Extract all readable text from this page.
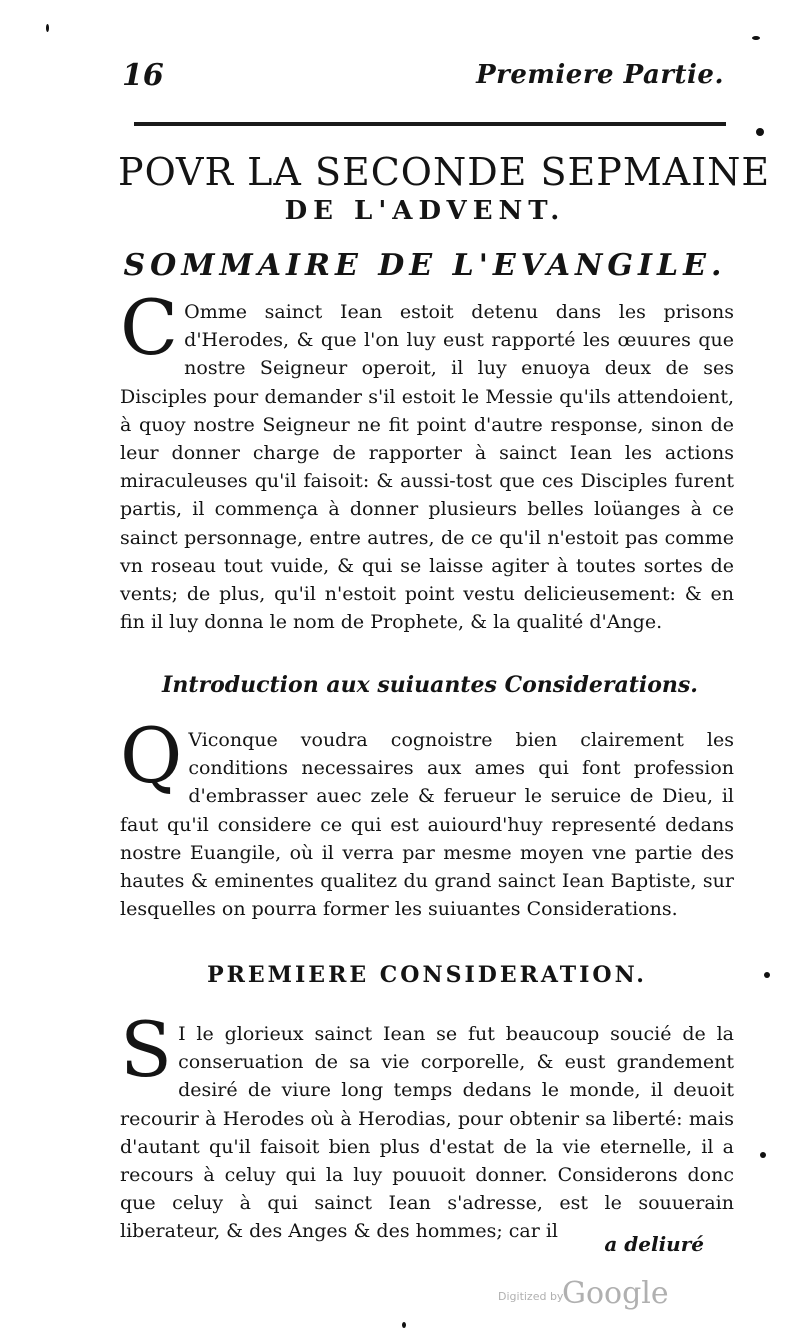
16	Premiere Partie.
POVR LA SECONDE SEPMAINE
DE L'ADVENT.
SOMMAIRE DE L'EVANGILE.
C Omme sainct Iean estoit detenu dans les prisons d'Herodes, & que l'on luy eust rapporté les œuures que nostre Seigneur operoit, il luy enuoya deux de ses Disciples pour demander s'il estoit le Messie qu'ils attendoient, à quoy nostre Seigneur ne fit point d'autre response, sinon de leur donner charge de rapporter à sainct Iean les actions miraculeuses qu'il faisoit: & aussi-tost que ces Disciples furent partis, il commença à donner plusieurs belles loüanges à ce sainct personnage, entre autres, de ce qu'il n'estoit pas comme vn roseau tout vuide, & qui se laisse agiter à toutes sortes de vents; de plus, qu'il n'estoit point vestu delicieusement: & en fin il luy donna le nom de Prophete, & la qualité d'Ange.

Introduction aux suiuantes Considerations.
Q Viconque voudra cognoistre bien clairement les conditions necessaires aux ames qui font profession d'embrasser auec zele & ferueur le seruice de Dieu, il faut qu'il considere ce qui est auiourd'huy representé dedans nostre Euangile, où il verra par mesme moyen vne partie des hautes & eminentes qualitez du grand sainct Iean Baptiste, sur lesquelles on pourra former les suiuantes Considerations.

PREMIERE CONSIDERATION.
S I le glorieux sainct Iean se fut beaucoup soucié de la conseruation de sa vie corporelle, & eust grandement desiré de viure long temps dedans le monde, il deuoit recourir à Herodes où à Herodias, pour obtenir sa liberté: mais d'autant qu'il faisoit bien plus d'estat de la vie eternelle, il a recours à celuy qui la luy pouuoit donner. Considerons donc que celuy à qui sainct Iean s'adresse, est le souuerain liberateur, & des Anges & des hommes; car il

a deliuré
Digitized by
Google
